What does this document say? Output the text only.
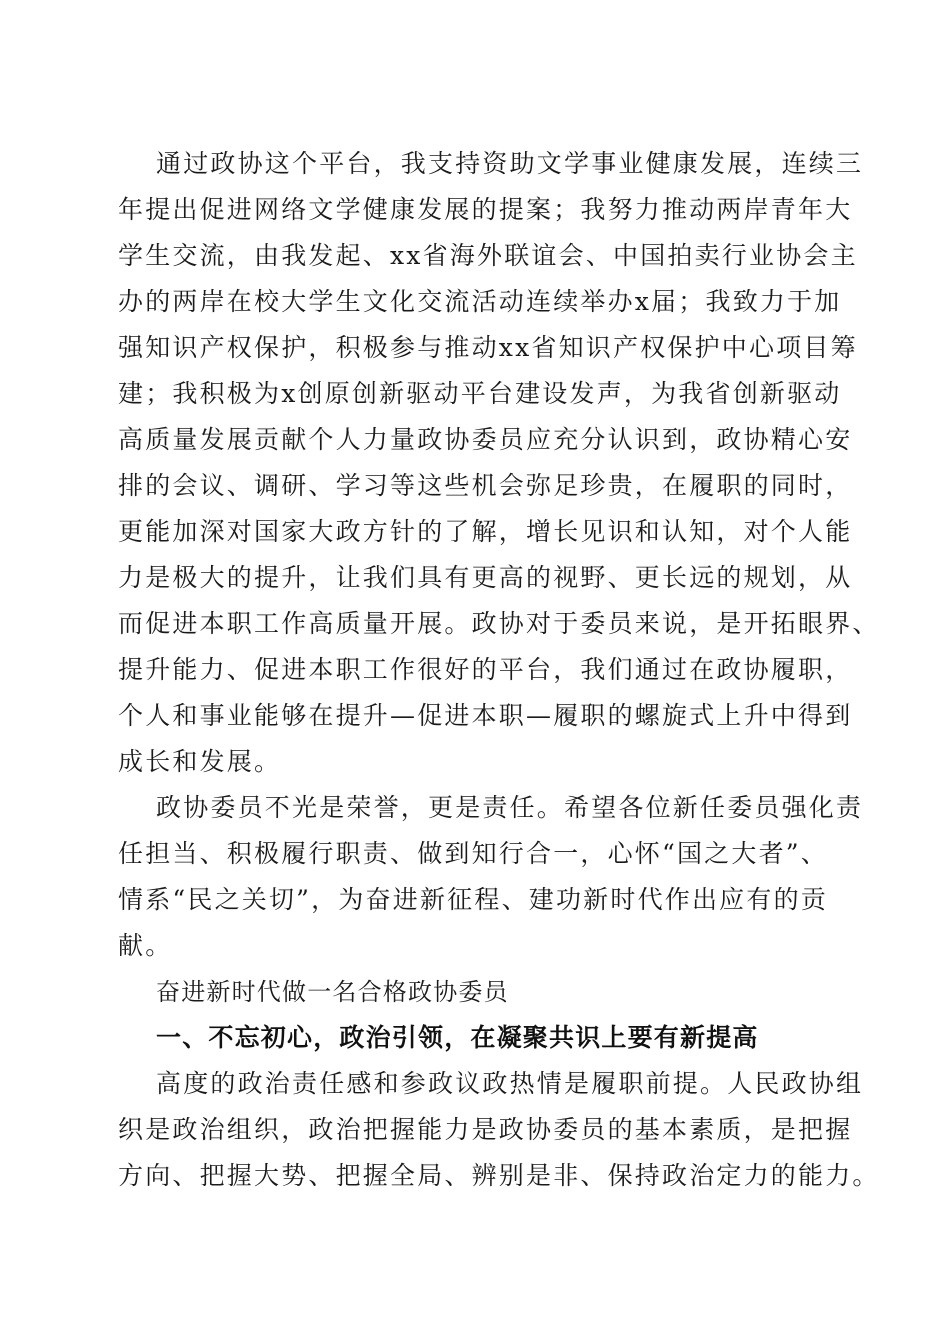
通过政协这个平台，我支持资助文学事业健康发展，连续三
年提出促进网络文学健康发展的提案；我努力推动两岸青年大
学生交流，由我发起、xx省海外联谊会、中国拍卖行业协会主
办的两岸在校大学生文化交流活动连续举办x届；我致力于加
强知识产权保护，积极参与推动xx省知识产权保护中心项目筹
建；我积极为x创原创新驱动平台建设发声，为我省创新驱动
高质量发展贡献个人力量政协委员应充分认识到，政协精心安
排的会议、调研、学习等这些机会弥足珍贵，在履职的同时，
更能加深对国家大政方针的了解，增长见识和认知，对个人能
力是极大的提升，让我们具有更高的视野、更长远的规划，从
而促进本职工作高质量开展。政协对于委员来说，是开拓眼界、
提升能力、促进本职工作很好的平台，我们通过在政协履职，
个人和事业能够在提升—促进本职—履职的螺旋式上升中得到
成长和发展。
政协委员不光是荣誉，更是责任。希望各位新任委员强化责
任担当、积极履行职责、做到知行合一，心怀“国之大者”、
情系“民之关切”，为奋进新征程、建功新时代作出应有的贡
献。
奋进新时代做一名合格政协委员
一、不忘初心，政治引领，在凝聚共识上要有新提高
高度的政治责任感和参政议政热情是履职前提。人民政协组
织是政治组织，政治把握能力是政协委员的基本素质，是把握
方向、把握大势、把握全局、辨别是非、保持政治定力的能力。
